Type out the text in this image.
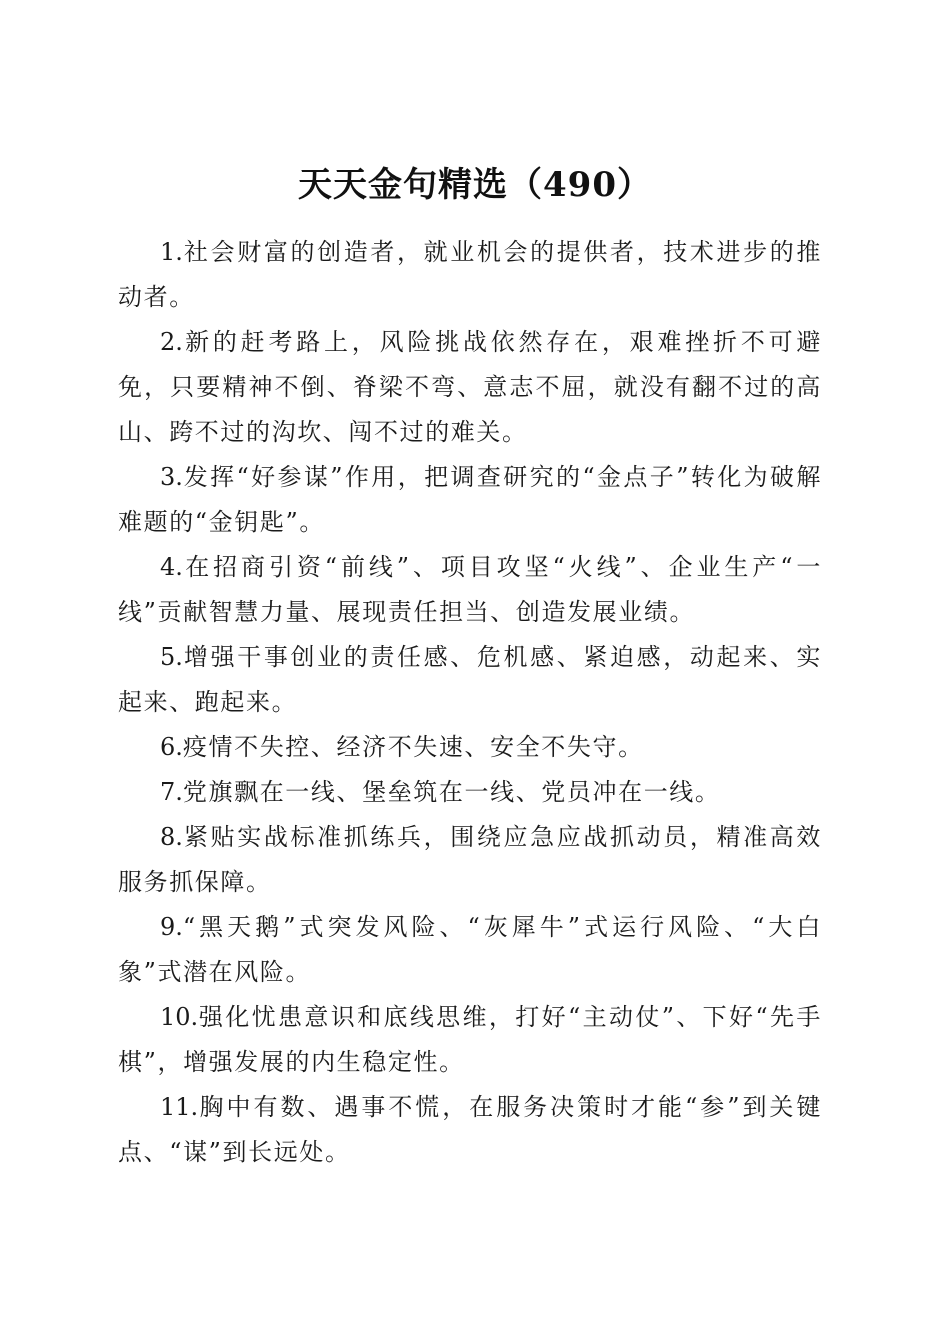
天天金句精选（490）

1.社会财富的创造者，就业机会的提供者，技术进步的推动者。

2.新的赶考路上，风险挑战依然存在，艰难挫折不可避免，只要精神不倒、脊梁不弯、意志不屈，就没有翻不过的高山、跨不过的沟坎、闯不过的难关。

3.发挥“好参谋”作用，把调查研究的“金点子”转化为破解难题的“金钥匙”。

4.在招商引资“前线”、项目攻坚“火线”、企业生产“一线”贡献智慧力量、展现责任担当、创造发展业绩。

5.增强干事创业的责任感、危机感、紧迫感，动起来、实起来、跑起来。

6.疫情不失控、经济不失速、安全不失守。

7.党旗飘在一线、堡垒筑在一线、党员冲在一线。

8.紧贴实战标准抓练兵，围绕应急应战抓动员，精准高效服务抓保障。

9.“黑天鹅”式突发风险、“灰犀牛”式运行风险、“大白象”式潜在风险。

10.强化忧患意识和底线思维，打好“主动仗”、下好“先手棋”，增强发展的内生稳定性。

11.胸中有数、遇事不慌，在服务决策时才能“参”到关键点、“谋”到长远处。
